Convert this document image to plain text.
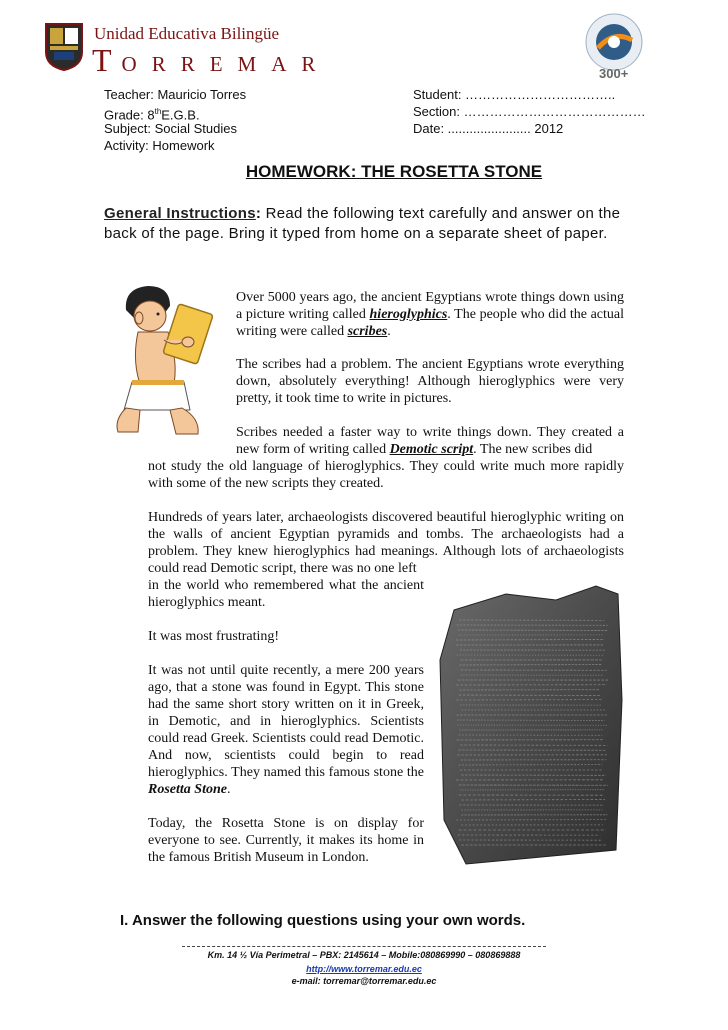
Unidad Educativa Bilingüe
TORREMAR	300+
Teacher: Mauricio Torres
Grade: 8thE.G.B.
Subject: Social Studies
Activity: Homework
Student: ……………………………..
Section: ……………………………………
Date: ....................... 2012
HOMEWORK: THE ROSETTA STONE
General Instructions: Read the following text carefully and answer on the back of the page. Bring it typed from home on a separate sheet of paper.
Over 5000 years ago, the ancient Egyptians wrote things down using a picture writing called hieroglyphics. The people who did the actual writing were called scribes.
The scribes had a problem. The ancient Egyptians wrote everything down, absolutely everything! Although hieroglyphics were very pretty, it took time to write in pictures.
Scribes needed a faster way to write things down. They created a new form of writing called Demotic script. The new scribes did
not study the old language of hieroglyphics. They could write much more rapidly with some of the new scripts they created.
Hundreds of years later, archaeologists discovered beautiful hieroglyphic writing on the walls of ancient Egyptian pyramids and tombs. The archaeologists had a problem. They knew hieroglyphics had meanings. Although lots of archaeologists could read Demotic script, there was no one left
in the world who remembered what the ancient hieroglyphics meant.
It was most frustrating!
It was not until quite recently, a mere 200 years ago, that a stone was found in Egypt. This stone had the same short story written on it in Greek, in Demotic, and in hieroglyphics. Scientists could read Greek. Scientists could read Demotic. And now, scientists could begin to read hieroglyphics. They named this famous stone the Rosetta Stone.
Today, the Rosetta Stone is on display for everyone to see. Currently, it makes its home in the famous British Museum in London.
I. Answer the following questions using your own words.
Km. 14 ½ Vía Perimetral – PBX: 2145614 – Mobile:080869990 – 080869888
http://www.torremar.edu.ec
e-mail: torremar@torremar.edu.ec
